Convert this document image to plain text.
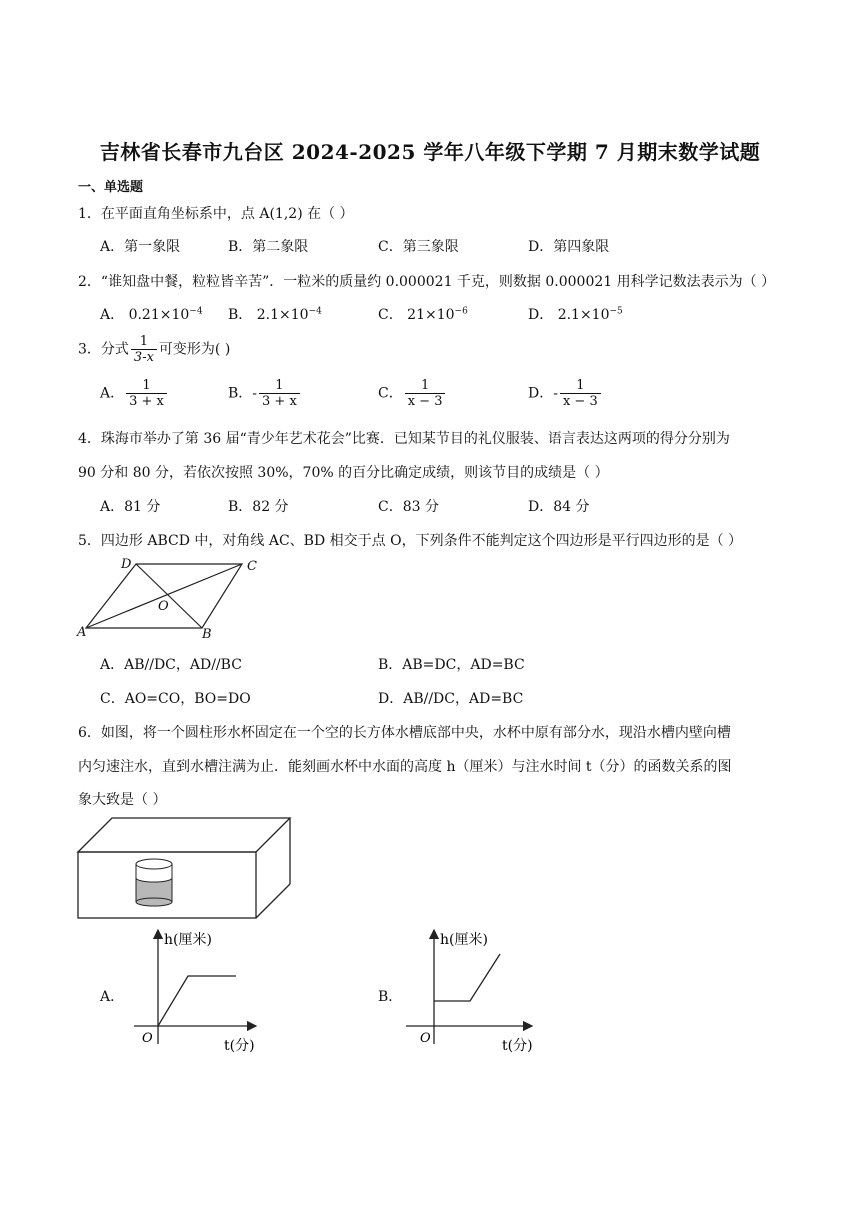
吉林省长春市九台区 2024-2025 学年八年级下学期 7 月期末数学试题
一、单选题
1．在平面直角坐标系中，点 A(1,2) 在（ ）
A．第一象限	B．第二象限	C．第三象限	D．第四象限
2．“谁知盘中餐，粒粒皆辛苦”．一粒米的质量约 0.000021 千克，则数据 0.000021 用科学记数法表示为（ ）
A． $0.21\times 10^{-4}$ B． $2.1\times 10^{-4}$	C． $21\times 10^{-6}$	D． $2.1\times 10^{-5}$
3．分式 $\frac{1}{3-x}$ 可变形为( )
A． $\frac{1}{3 + x}$	B．- $\frac{1}{3 + x}$	C． $\frac{1}{x - 3}$	D．- $\frac{1}{x - 3}$
4．珠海市举办了第 36 届“青少年艺术花会”比赛．已知某节目的礼仪服装、语言表达这两项的得分分别为
90 分和 80 分，若依次按照 30%，70% 的百分比确定成绩，则该节目的成绩是（ ）
A．81 分	B．82 分	C．83 分	D．84 分
5．四边形 ABCD 中，对角线 AC、BD 相交于点 O，下列条件不能判定这个四边形是平行四边形的是（ ）
D	C
O
A	B
A．AB//DC，AD//BC	B．AB=DC，AD=BC
C．AO=CO，BO=DO	D．AB//DC，AD=BC
6．如图，将一个圆柱形水杯固定在一个空的长方体水槽底部中央，水杯中原有部分水，现沿水槽内壁向槽
内匀速注水，直到水槽注满为止．能刻画水杯中水面的高度 h（厘米）与注水时间 t（分）的函数关系的图
象大致是（ ）
A．
h(厘米)
O	t(分)
B．
h(厘米)
O	t(分)
